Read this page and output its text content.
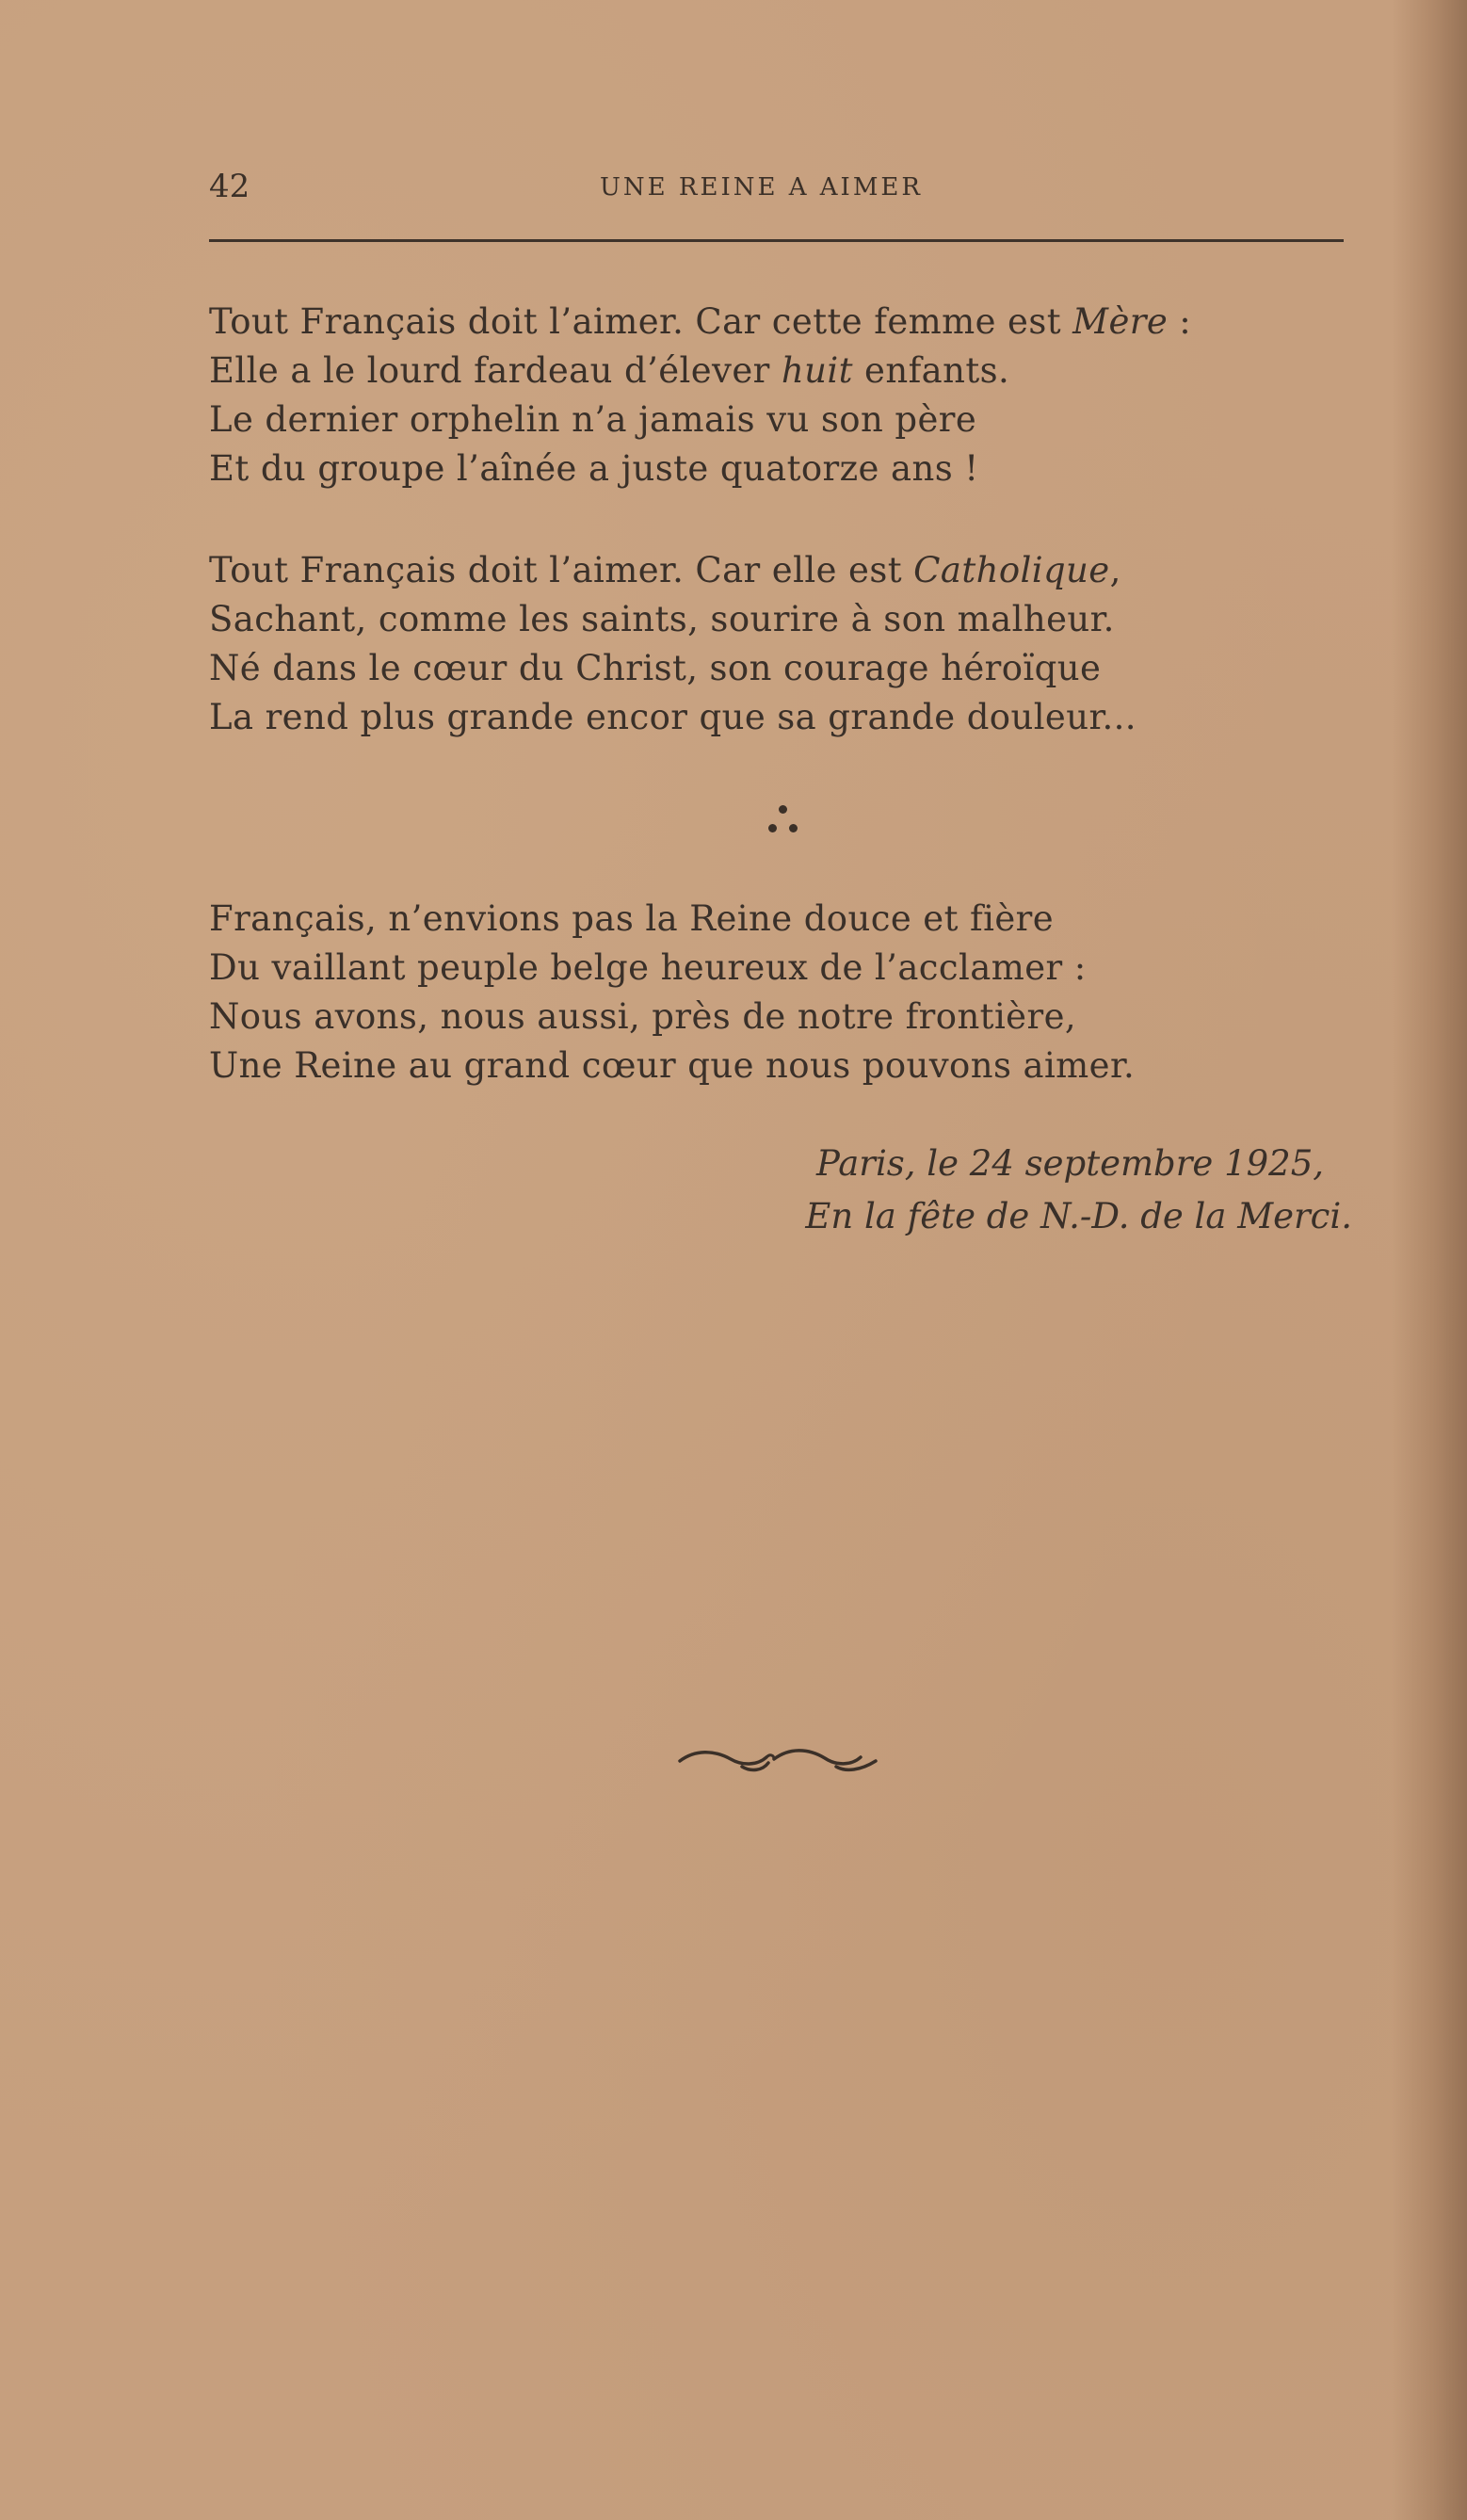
42	UNE REINE A AIMER
Tout Français doit l’aimer. Car cette femme est Mère :
Elle a le lourd fardeau d’élever huit enfants.
Le dernier orphelin n’a jamais vu son père
Et du groupe l’aînée a juste quatorze ans !
Tout Français doit l’aimer. Car elle est Catholique,
Sachant, comme les saints, sourire à son malheur.
Né dans le cœur du Christ, son courage héroïque
La rend plus grande encor que sa grande douleur...
Français, n’envions pas la Reine douce et fière
Du vaillant peuple belge heureux de l’acclamer :
Nous avons, nous aussi, près de notre frontière,
Une Reine au grand cœur que nous pouvons aimer.
Paris, le 24 septembre 1925,
En la fête de N.-D. de la Merci.
